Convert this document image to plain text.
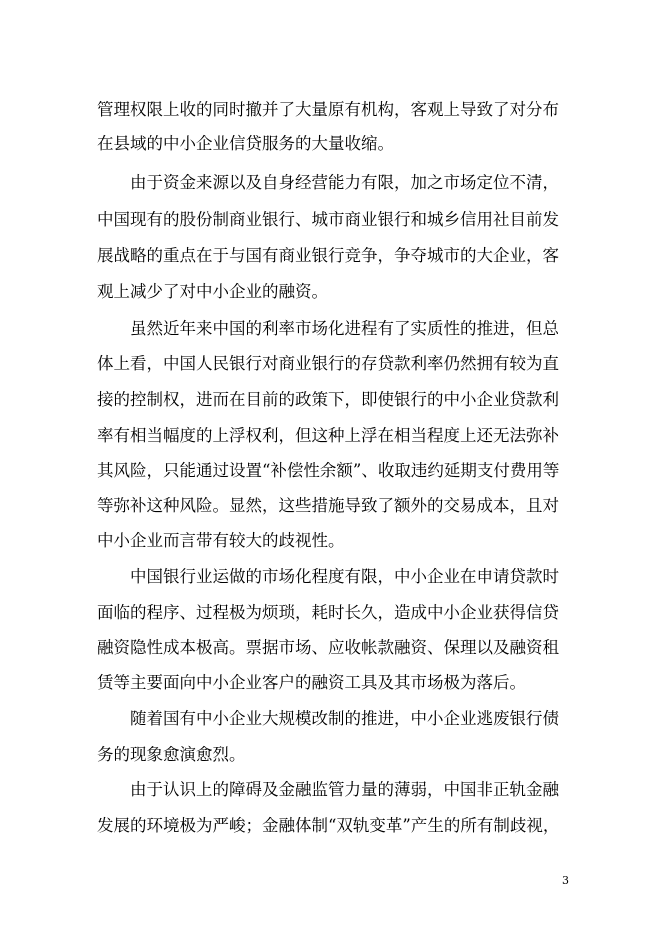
管理权限上收的同时撤并了大量原有机构，客观上导致了对分布
在县域的中小企业信贷服务的大量收缩。
由于资金来源以及自身经营能力有限，加之市场定位不清，
中国现有的股份制商业银行、城市商业银行和城乡信用社目前发
展战略的重点在于与国有商业银行竞争，争夺城市的大企业，客
观上减少了对中小企业的融资。
虽然近年来中国的利率市场化进程有了实质性的推进，但总
体上看，中国人民银行对商业银行的存贷款利率仍然拥有较为直
接的控制权，进而在目前的政策下，即使银行的中小企业贷款利
率有相当幅度的上浮权利，但这种上浮在相当程度上还无法弥补
其风险，只能通过设置“补偿性余额”、收取违约延期支付费用等
等弥补这种风险。显然，这些措施导致了额外的交易成本，且对
中小企业而言带有较大的歧视性。
中国银行业运做的市场化程度有限，中小企业在申请贷款时
面临的程序、过程极为烦琐，耗时长久，造成中小企业获得信贷
融资隐性成本极高。票据市场、应收帐款融资、保理以及融资租
赁等主要面向中小企业客户的融资工具及其市场极为落后。
随着国有中小企业大规模改制的推进，中小企业逃废银行债
务的现象愈演愈烈。
由于认识上的障碍及金融监管力量的薄弱，中国非正轨金融
发展的环境极为严峻；金融体制“双轨变革”产生的所有制歧视，
3
